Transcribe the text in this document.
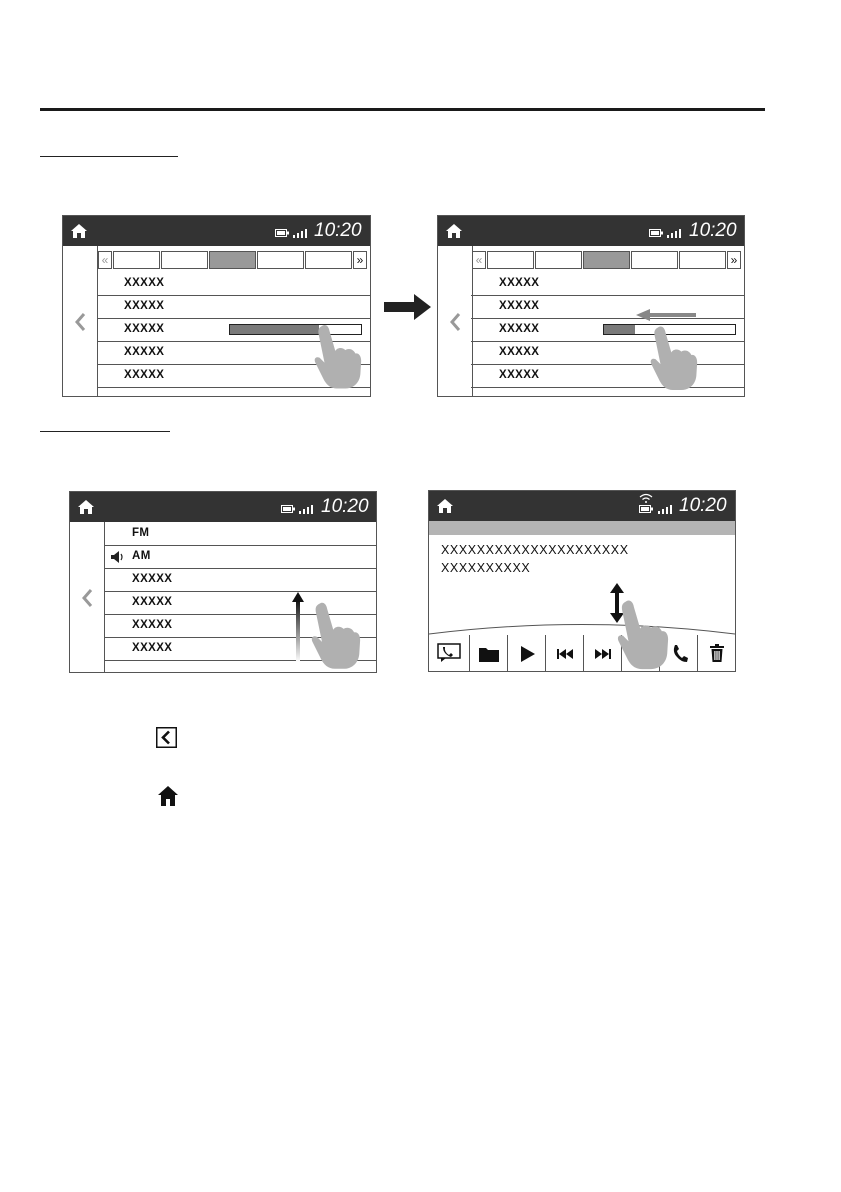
10:20
«	»
XXXXX
XXXXX
XXXXX
XXXXX
XXXXX
10:20
«	»
XXXXX
XXXXX
XXXXX
XXXXX
XXXXX
10:20
FM
AM
XXXXX
XXXXX
XXXXX
XXXXX
10:20
XXXXXXXXXXXXXXXXXXXXX
XXXXXXXXXX
